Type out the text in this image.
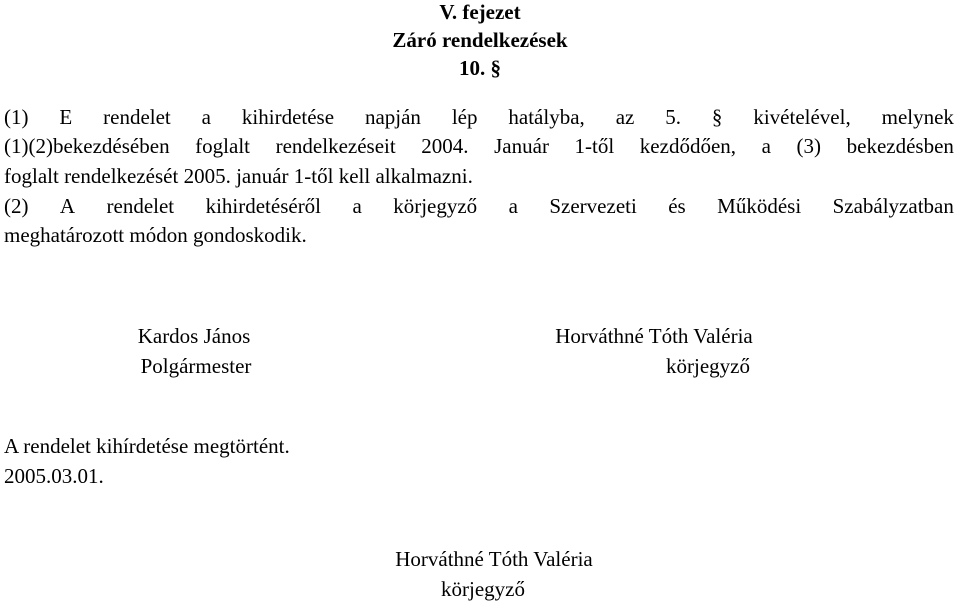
V. fejezet
Záró rendelkezések
10. §
(1) E rendelet a kihirdetése napján lép hatályba, az 5. § kivételével, melynek
(1)(2)bekezdésében foglalt rendelkezéseit 2004. Január 1-től kezdődően, a (3) bekezdésben
foglalt rendelkezését 2005. január 1-től kell alkalmazni.
(2) A rendelet kihirdetéséről a körjegyző a Szervezeti és Működési Szabályzatban
meghatározott módon gondoskodik.
Kardos János
Polgármester
Horváthné Tóth Valéria
körjegyző
A rendelet kihírdetése megtörtént.
2005.03.01.
Horváthné Tóth Valéria
körjegyző
